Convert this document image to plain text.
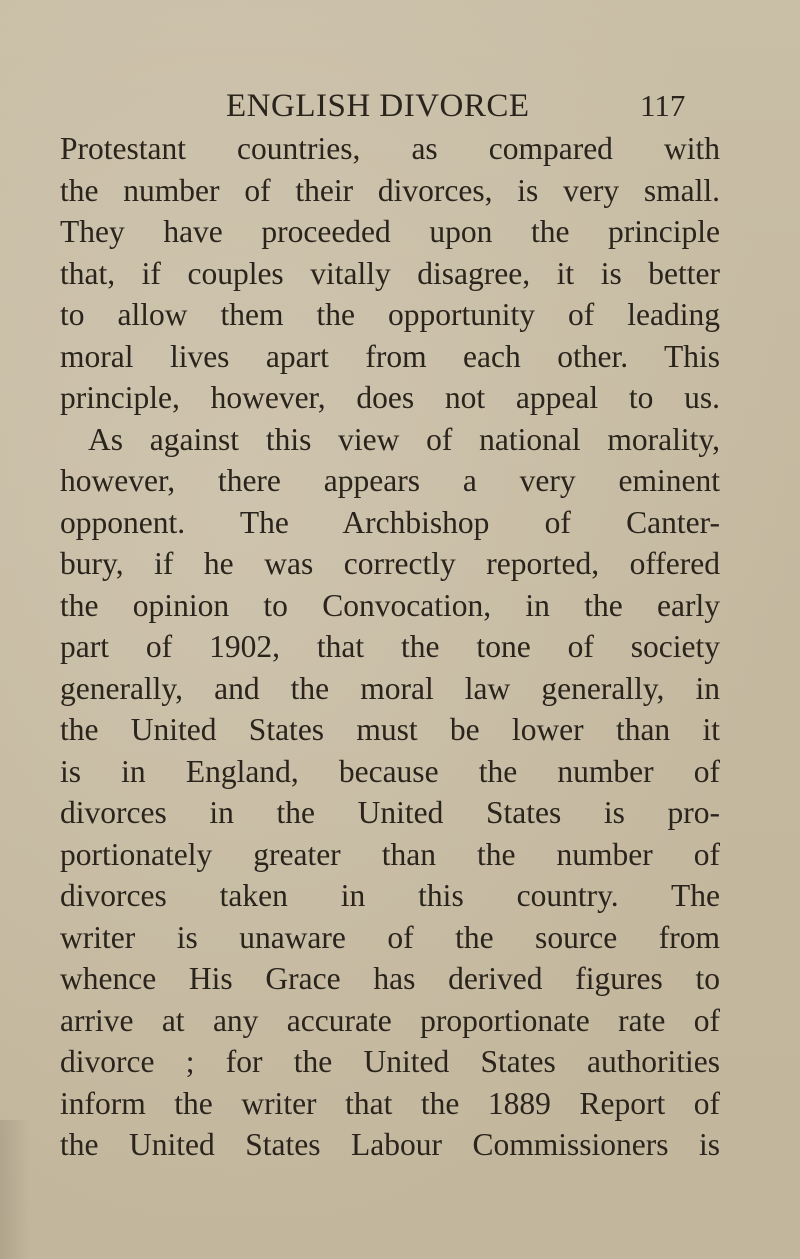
ENGLISH DIVORCE	117
Protestant countries, as compared with
the number of their divorces, is very small.
They have proceeded upon the principle
that, if couples vitally disagree, it is better
to allow them the opportunity of leading
moral lives apart from each other. This
principle, however, does not appeal to us.
As against this view of national morality,
however, there appears a very eminent
opponent. The Archbishop of Canter-
bury, if he was correctly reported, offered
the opinion to Convocation, in the early
part of 1902, that the tone of society
generally, and the moral law generally, in
the United States must be lower than it
is in England, because the number of
divorces in the United States is pro-
portionately greater than the number of
divorces taken in this country. The
writer is unaware of the source from
whence His Grace has derived figures to
arrive at any accurate proportionate rate of
divorce ; for the United States authorities
inform the writer that the 1889 Report of
the United States Labour Commissioners is
